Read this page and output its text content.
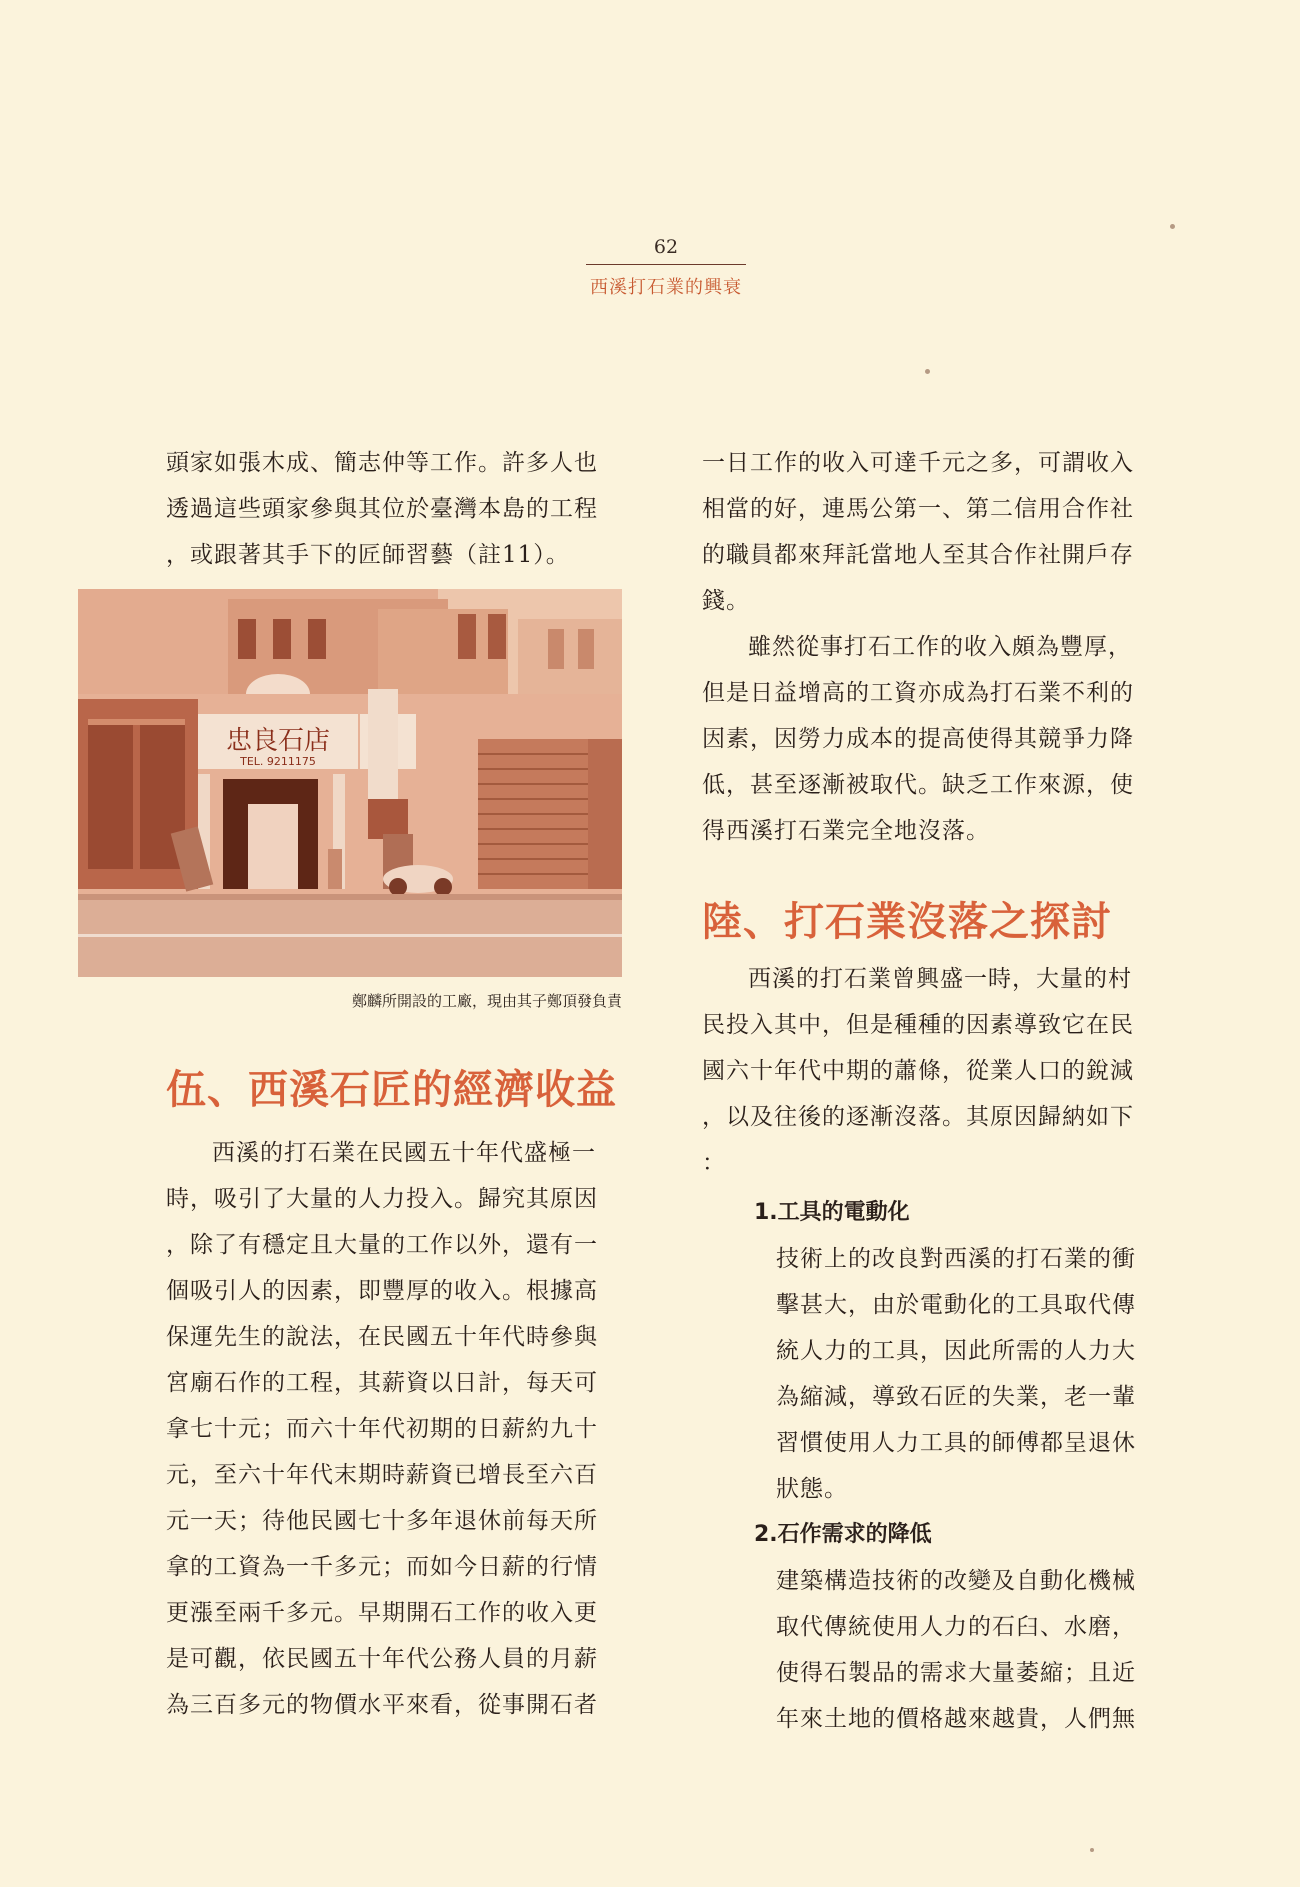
62
西溪打石業的興衰

頭家如張木成、簡志仲等工作。許多人也

透過這些頭家參與其位於臺灣本島的工程

，或跟著其手下的匠師習藝（註11）。

忠良石店
TEL. 9211175
鄭麟所開設的工廠，現由其子鄭頂發負責
伍、西溪石匠的經濟收益

西溪的打石業在民國五十年代盛極一

時，吸引了大量的人力投入。歸究其原因

，除了有穩定且大量的工作以外，還有一

個吸引人的因素，即豐厚的收入。根據高

保運先生的說法，在民國五十年代時參與

宮廟石作的工程，其薪資以日計，每天可

拿七十元；而六十年代初期的日薪約九十

元，至六十年代末期時薪資已增長至六百

元一天；待他民國七十多年退休前每天所

拿的工資為一千多元；而如今日薪的行情

更漲至兩千多元。早期開石工作的收入更

是可觀，依民國五十年代公務人員的月薪

為三百多元的物價水平來看，從事開石者

一日工作的收入可達千元之多，可謂收入

相當的好，連馬公第一、第二信用合作社

的職員都來拜託當地人至其合作社開戶存

錢。

雖然從事打石工作的收入頗為豐厚，

但是日益增高的工資亦成為打石業不利的

因素，因勞力成本的提高使得其競爭力降

低，甚至逐漸被取代。缺乏工作來源，使

得西溪打石業完全地沒落。

陸、打石業沒落之探討

西溪的打石業曾興盛一時，大量的村

民投入其中，但是種種的因素導致它在民

國六十年代中期的蕭條，從業人口的銳減

，以及往後的逐漸沒落。其原因歸納如下

：

1.工具的電動化

技術上的改良對西溪的打石業的衝

擊甚大，由於電動化的工具取代傳

統人力的工具，因此所需的人力大

為縮減，導致石匠的失業，老一輩

習慣使用人力工具的師傅都呈退休

狀態。

2.石作需求的降低

建築構造技術的改變及自動化機械

取代傳統使用人力的石臼、水磨，

使得石製品的需求大量萎縮；且近

年來土地的價格越來越貴，人們無
